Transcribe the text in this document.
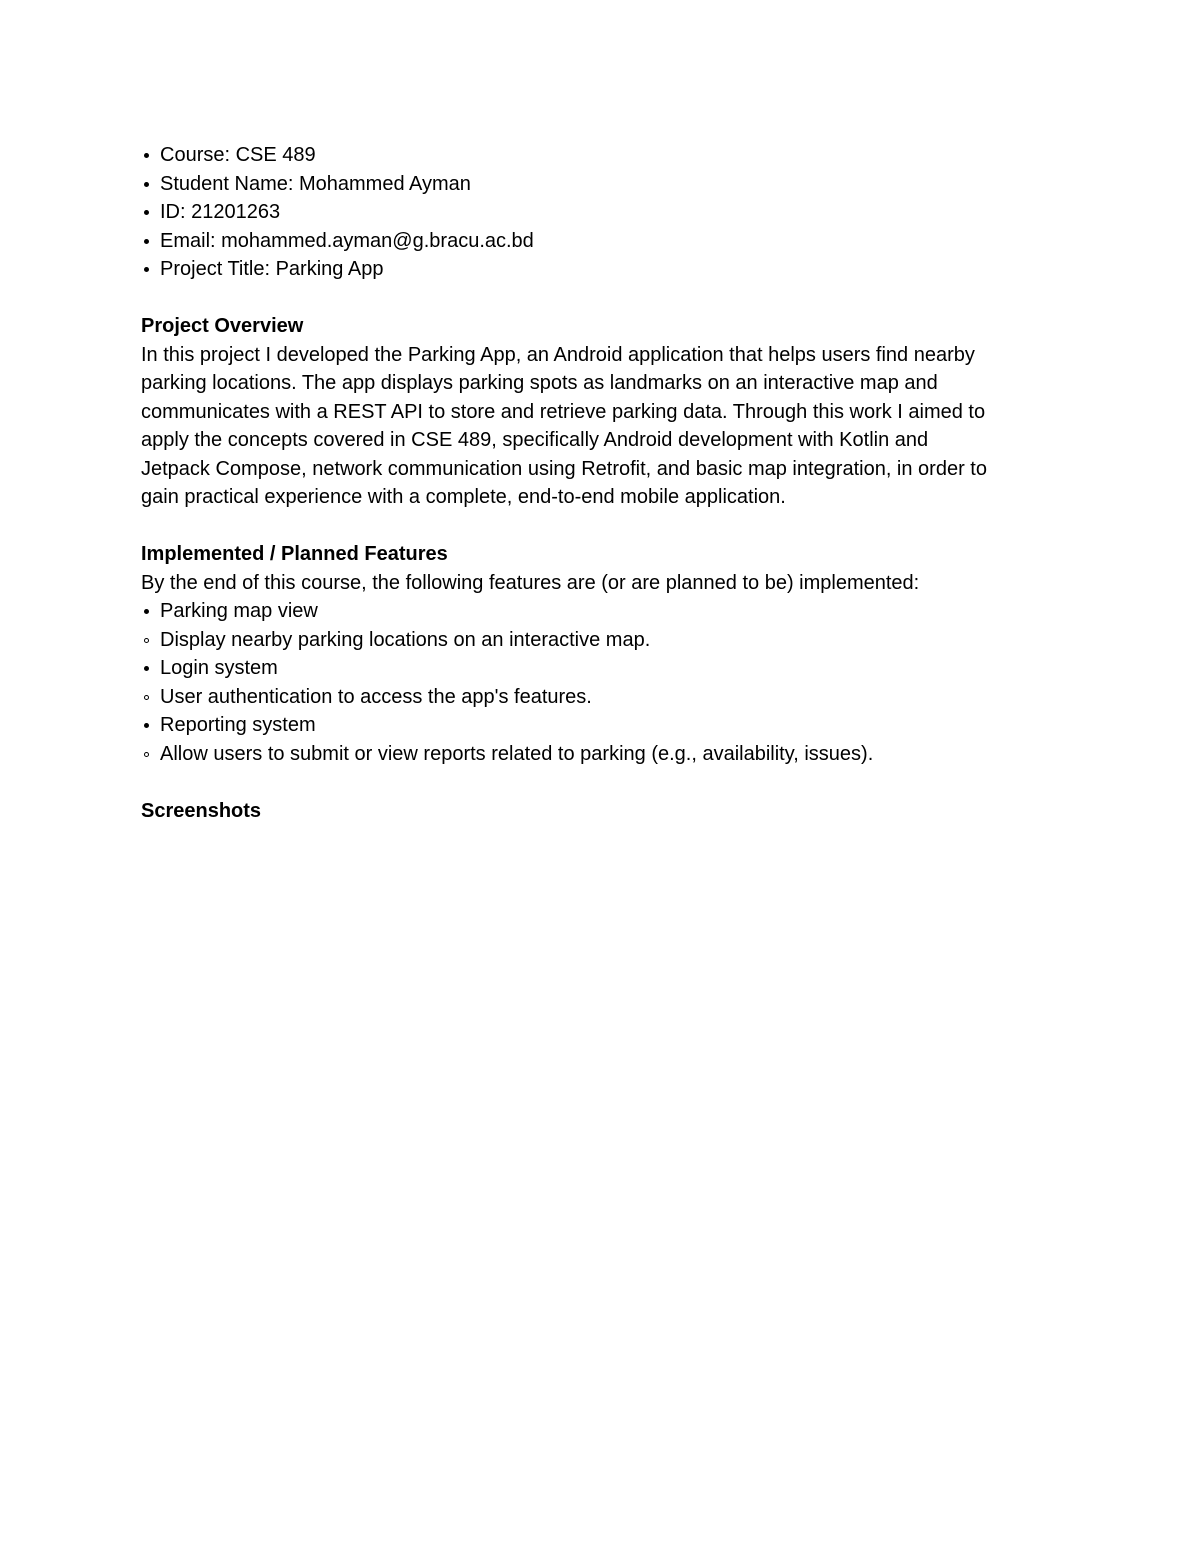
Course: CSE 489
Student Name: Mohammed Ayman
ID: 21201263
Email: mohammed.ayman@g.bracu.ac.bd
Project Title: Parking App
Project Overview

In this project I developed the Parking App, an Android application that helps users find nearby
parking locations. The app displays parking spots as landmarks on an interactive map and
communicates with a REST API to store and retrieve parking data. Through this work I aimed to
apply the concepts covered in CSE 489, specifically Android development with Kotlin and
Jetpack Compose, network communication using Retrofit, and basic map integration, in order to
gain practical experience with a complete, end-to-end mobile application.

Implemented / Planned Features

By the end of this course, the following features are (or are planned to be) implemented:

Parking map view
Display nearby parking locations on an interactive map.
Login system
User authentication to access the app's features.
Reporting system
Allow users to submit or view reports related to parking (e.g., availability, issues).
Screenshots
